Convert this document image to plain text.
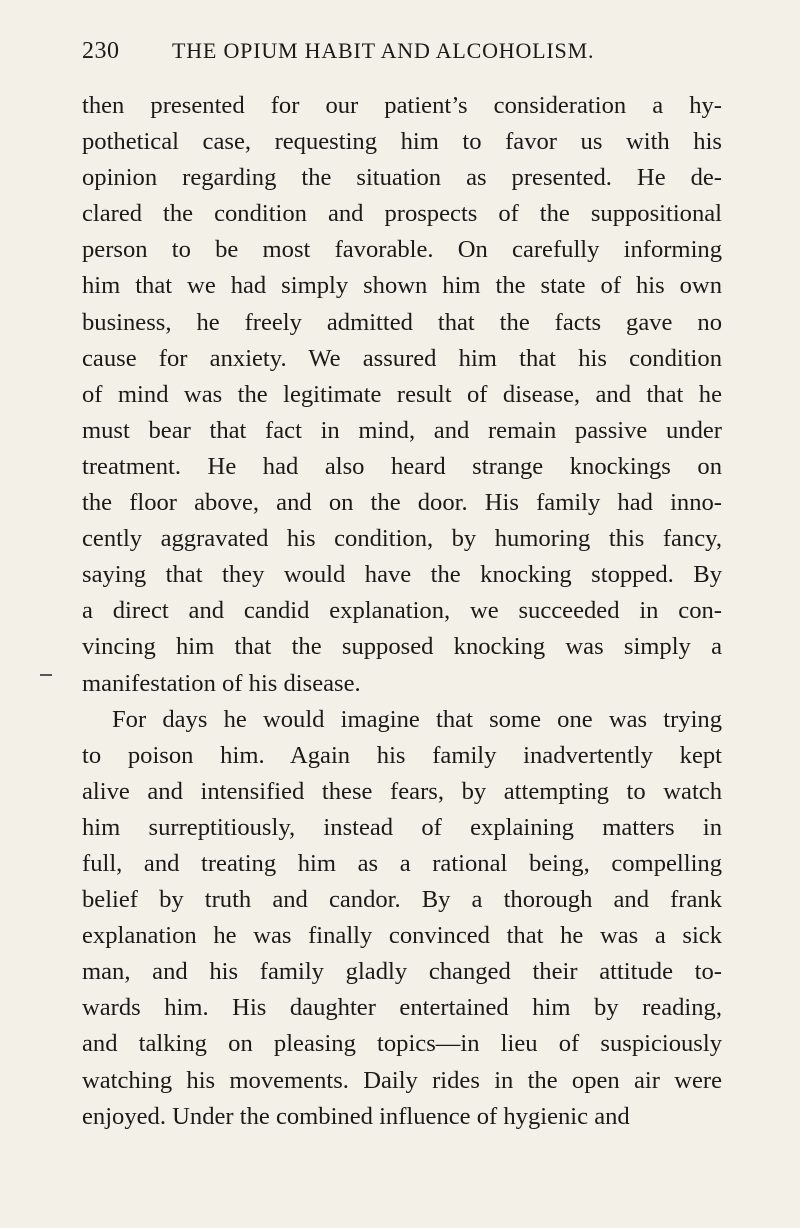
230 THE OPIUM HABIT AND ALCOHOLISM.
then presented for our patient’s consideration a hy-
pothetical case, requesting him to favor us with his
opinion regarding the situation as presented. He de-
clared the condition and prospects of the suppositional
person to be most favorable. On carefully informing
him that we had simply shown him the state of his own
business, he freely admitted that the facts gave no
cause for anxiety. We assured him that his condition
of mind was the legitimate result of disease, and that he
must bear that fact in mind, and remain passive under
treatment. He had also heard strange knockings on
the floor above, and on the door. His family had inno-
cently aggravated his condition, by humoring this fancy,
saying that they would have the knocking stopped. By
a direct and candid explanation, we succeeded in con-
vincing him that the supposed knocking was simply a
manifestation of his disease.
For days he would imagine that some one was trying
to poison him. Again his family inadvertently kept
alive and intensified these fears, by attempting to watch
him surreptitiously, instead of explaining matters in
full, and treating him as a rational being, compelling
belief by truth and candor. By a thorough and frank
explanation he was finally convinced that he was a sick
man, and his family gladly changed their attitude to-
wards him. His daughter entertained him by reading,
and talking on pleasing topics—in lieu of suspiciously
watching his movements. Daily rides in the open air were
enjoyed. Under the combined influence of hygienic and
